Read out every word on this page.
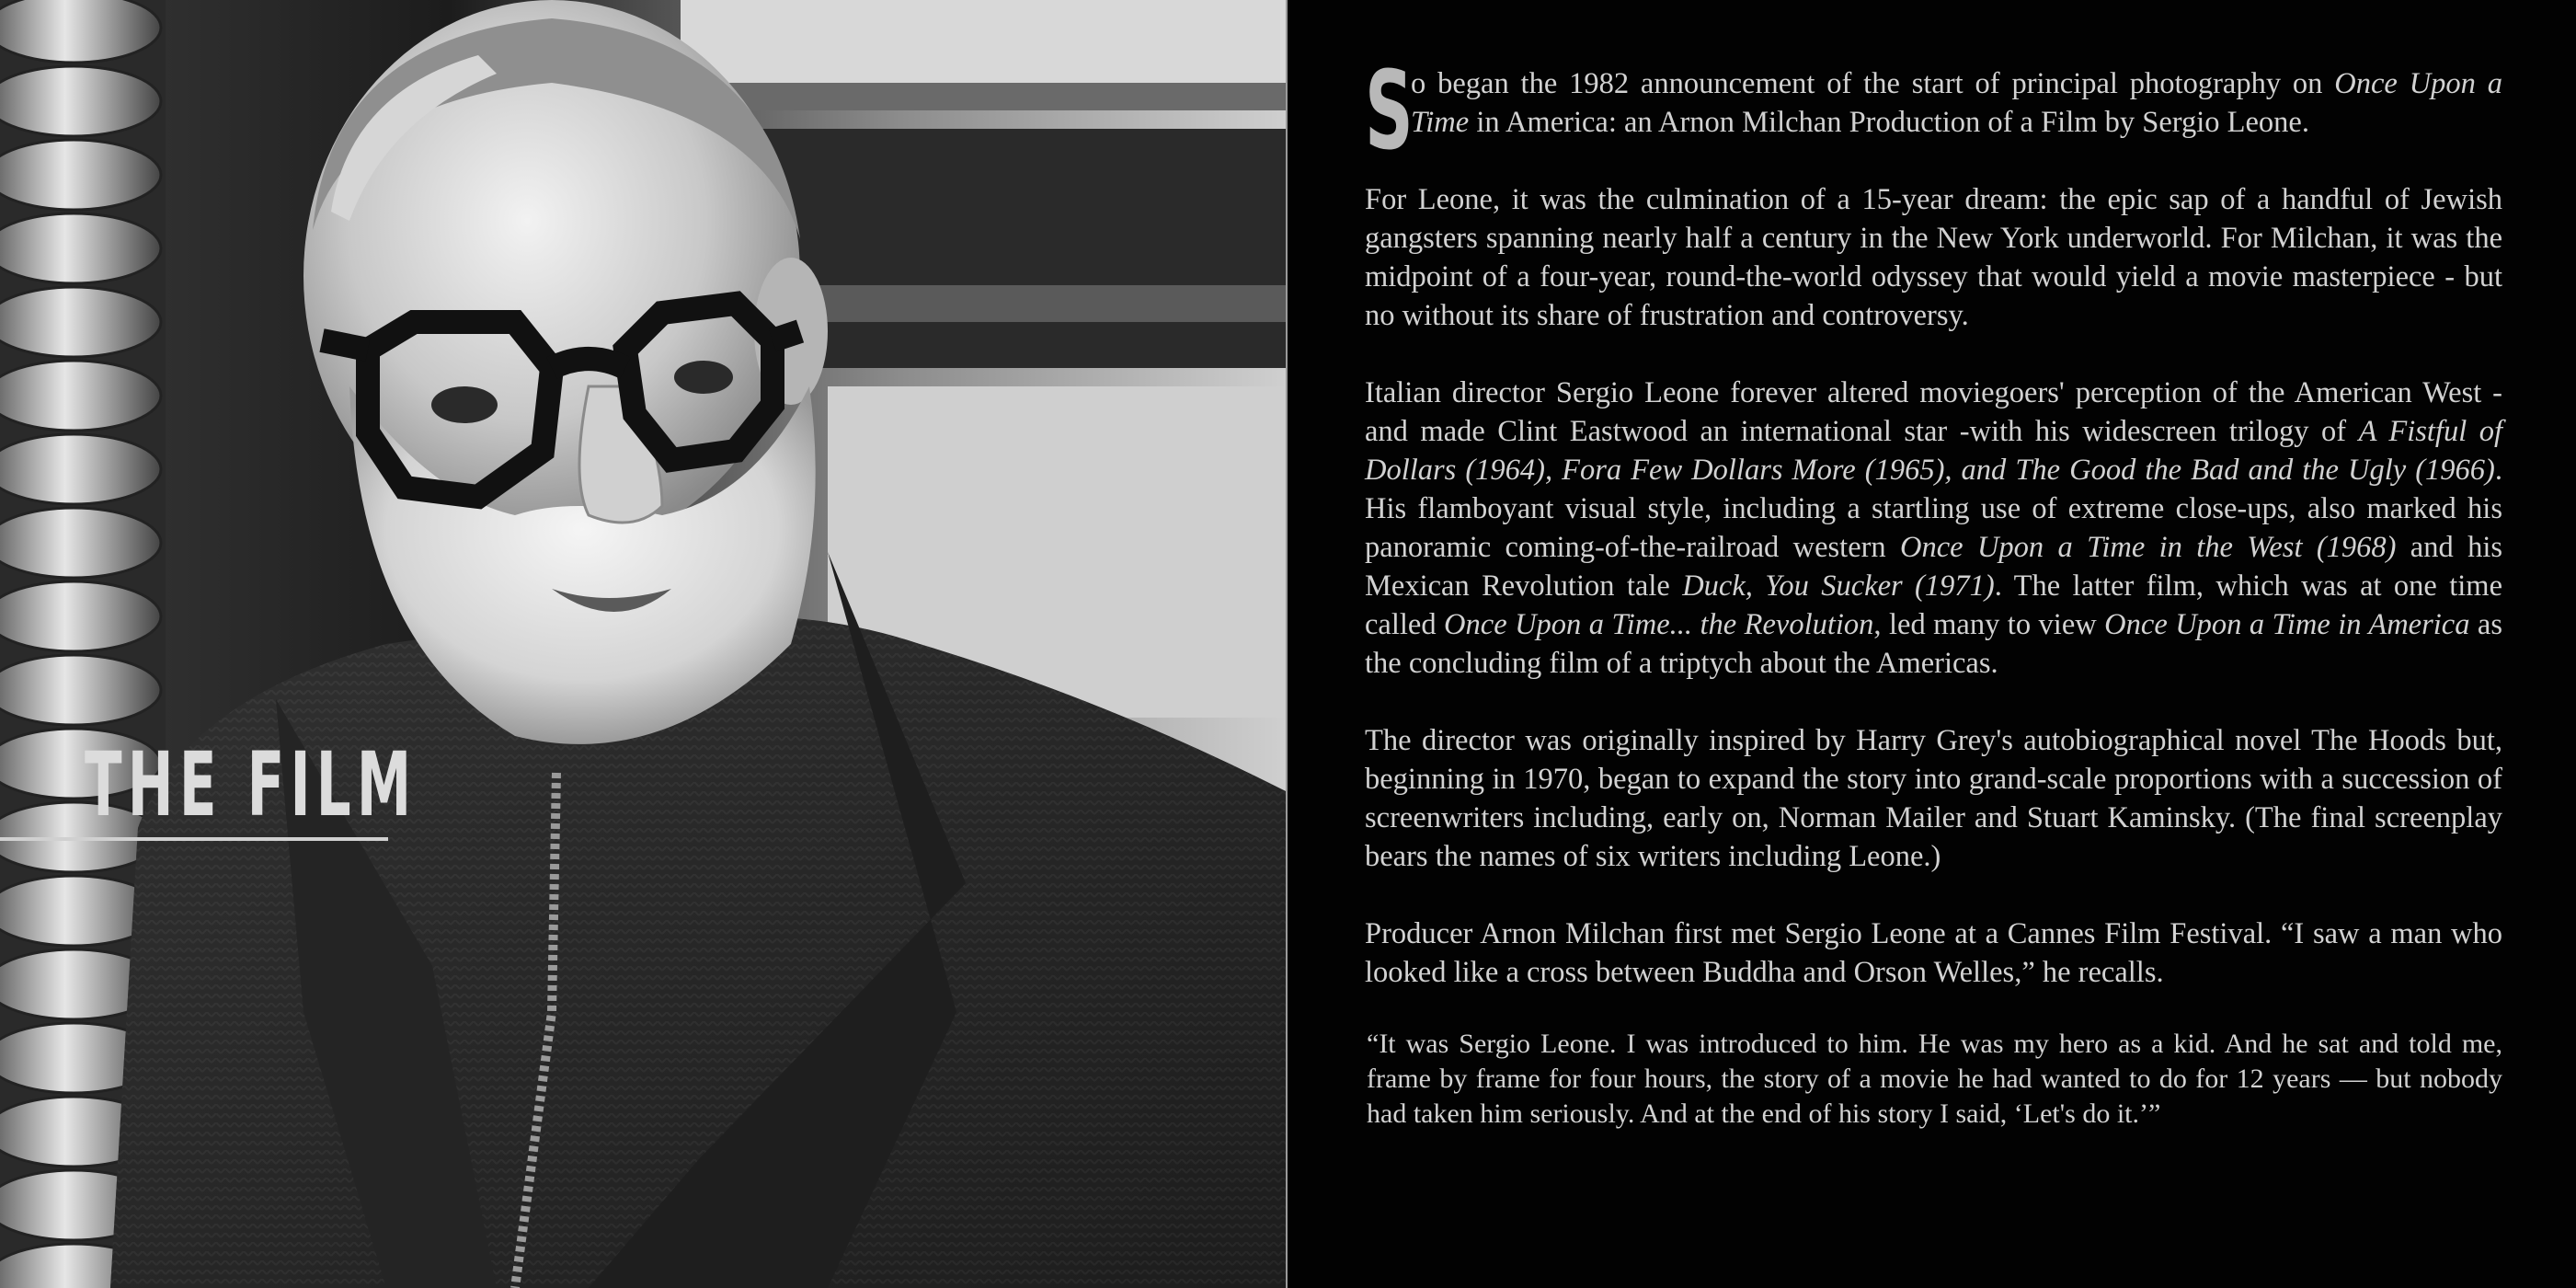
THE FILM

S
o began the 1982 announcement of the start of principal photography on Once Upon a Time in America: an Arnon Milchan Production of a Film by Sergio Leone.

For Leone, it was the culmination of a 15-year dream: the epic sap of a handful of Jewish gangsters spanning nearly half a century in the New York underworld. For Milchan, it was the midpoint of a four-year, round-the-world odyssey that would yield a movie masterpiece - but no without its share of frustration and controversy.

Italian director Sergio Leone forever altered moviegoers' perception of the American West -and made Clint Eastwood an international star -with his widescreen trilogy of A Fistful of Dollars (1964), Fora Few Dollars More (1965), and The Good the Bad and the Ugly (1966). His flamboyant visual style, including a startling use of extreme close-ups, also marked his panoramic coming-of-the-railroad western Once Upon a Time in the West (1968) and his Mexican Revolution tale Duck, You Sucker (1971). The latter film, which was at one time called Once Upon a Time... the Revolution, led many to view Once Upon a Time in America as the concluding film of a triptych about the Americas.

The director was originally inspired by Harry Grey's autobiographical novel The Hoods but, beginning in 1970, began to expand the story into grand-scale proportions with a succession of screenwriters including, early on, Norman Mailer and Stuart Kaminsky. (The final screenplay bears the names of six writers including Leone.)

Producer Arnon Milchan first met Sergio Leone at a Cannes Film Festival. “I saw a man who looked like a cross between Buddha and Orson Welles,” he recalls.

“It was Sergio Leone. I was introduced to him. He was my hero as a kid. And he sat and told me, frame by frame for four hours, the story of a movie he had wanted to do for 12 years — but nobody had taken him seriously. And at the end of his story I said, ‘Let's do it.’”
